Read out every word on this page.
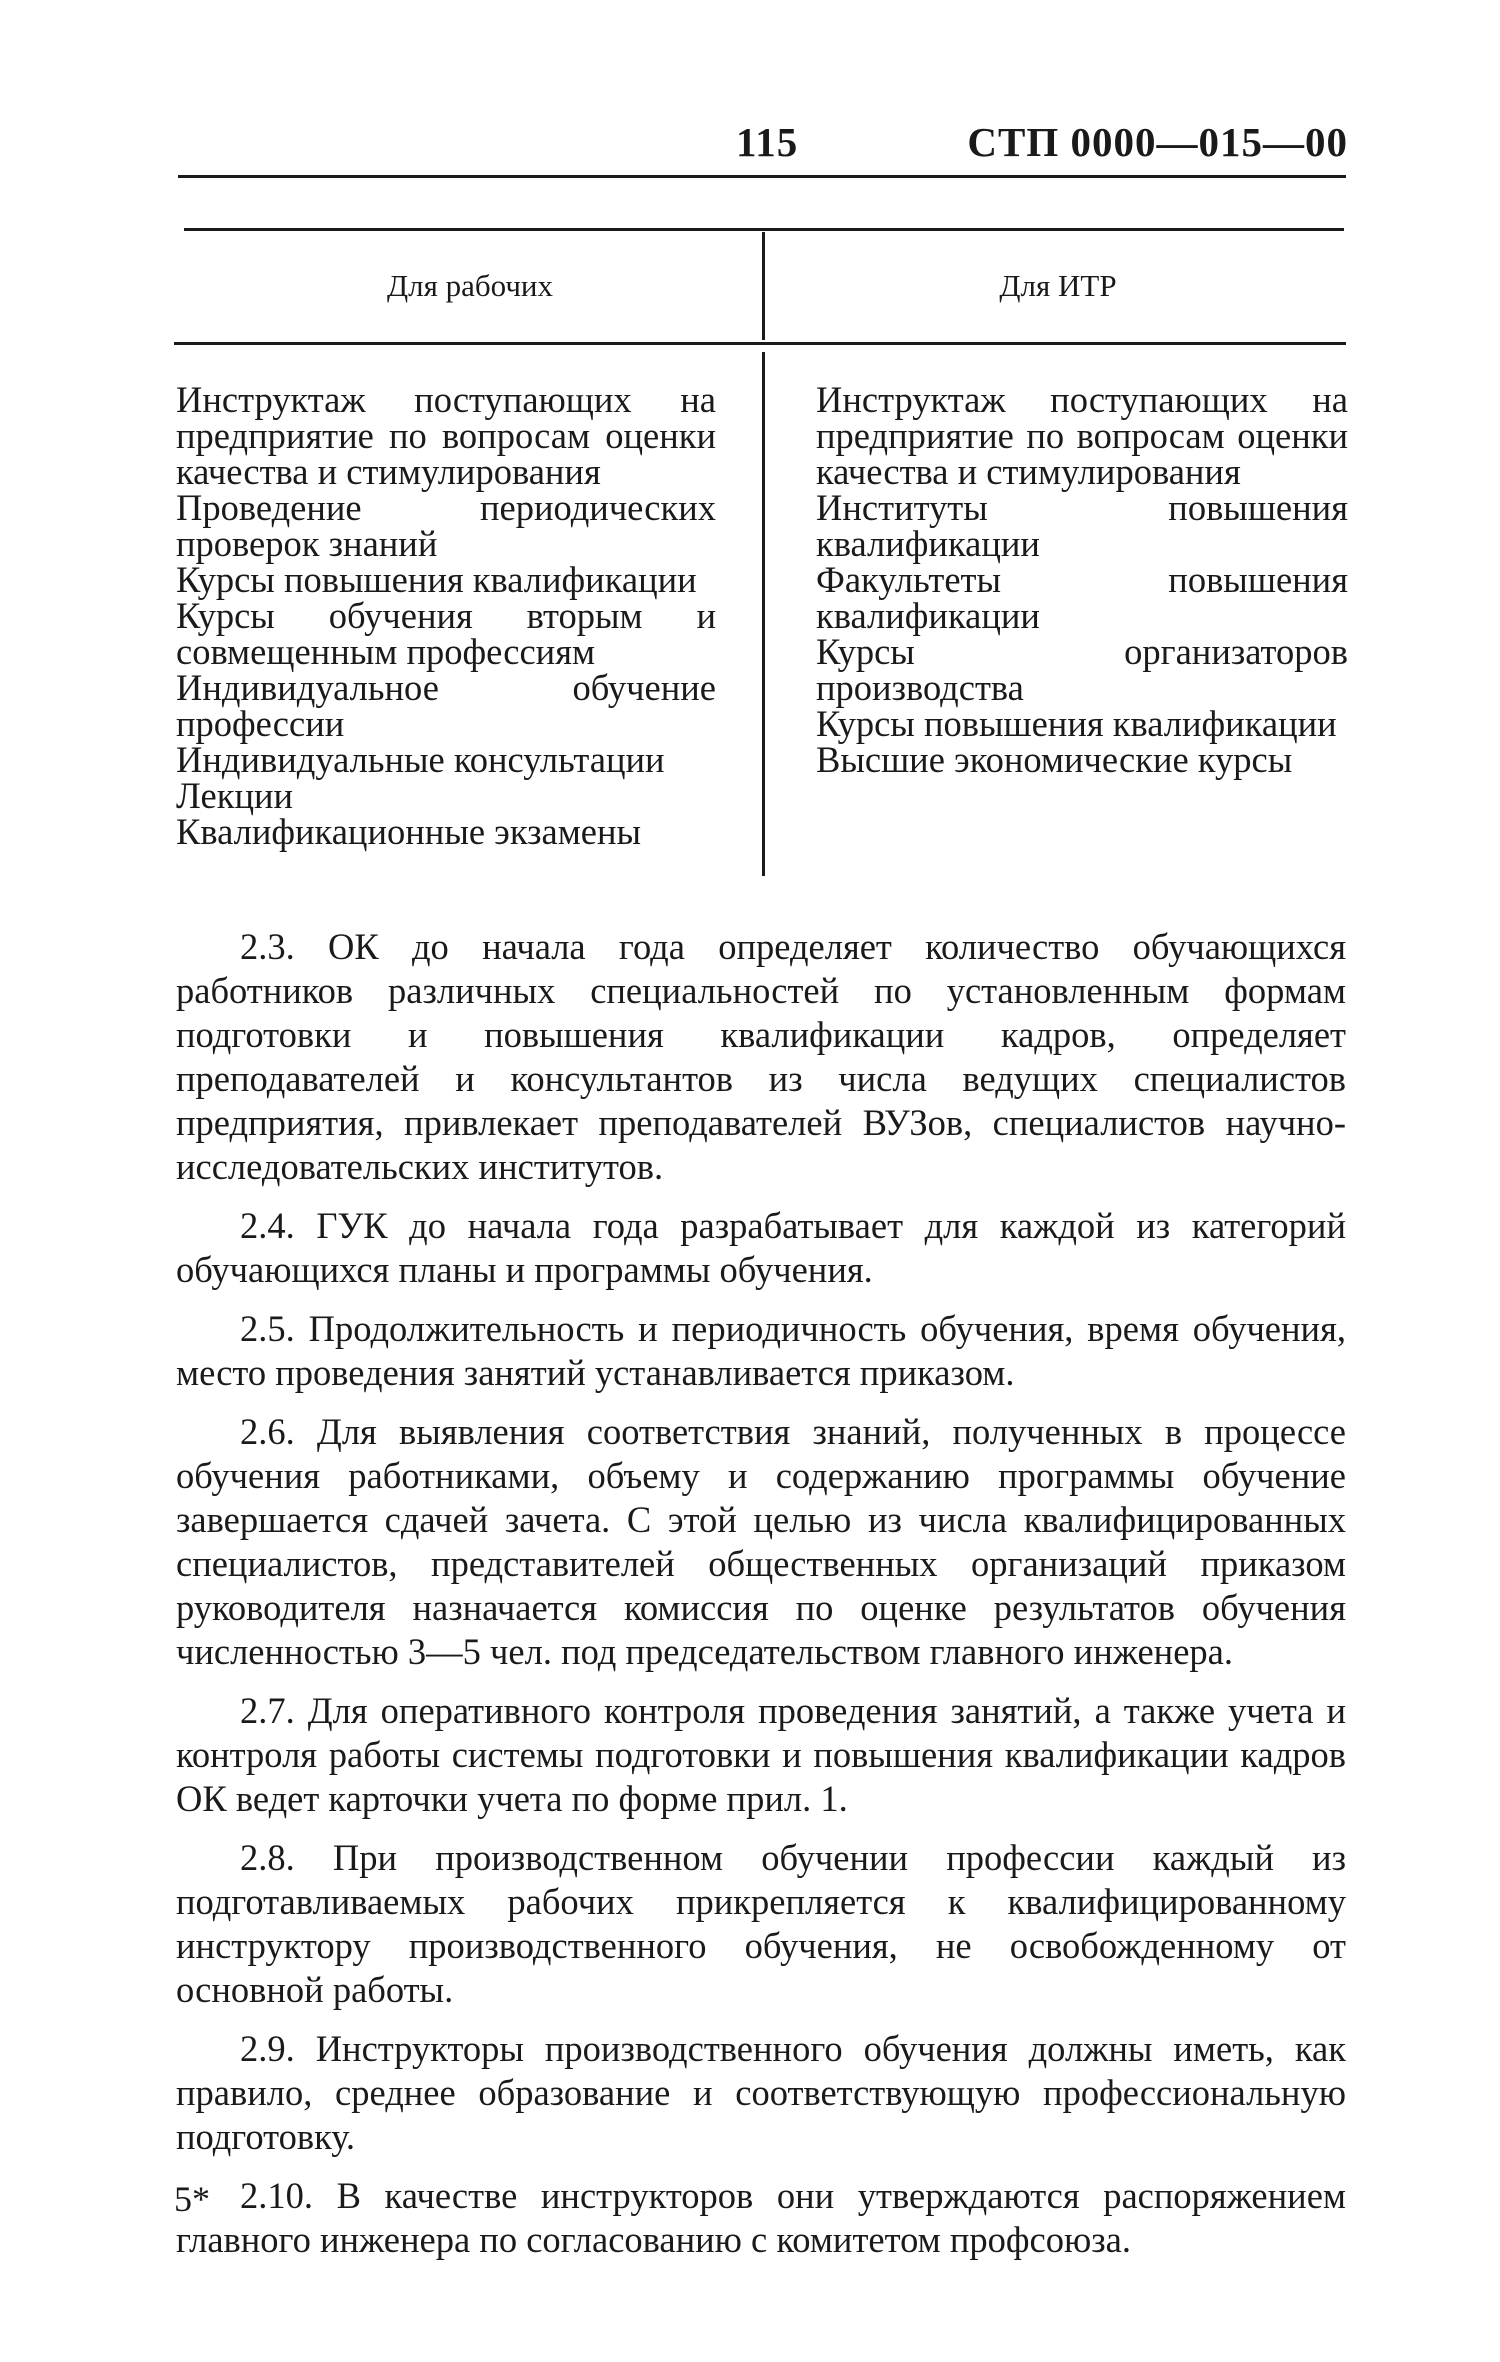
115	СТП 0000—015—00
Для рабочих	Для ИТР
Инструктаж поступающих на предприятие по вопросам оценки качества и стимулирования
Проведение периодических проверок знаний
Курсы повышения квалификации
Курсы обучения вторым и совмещенным профессиям
Индивидуальное обучение профессии
Индивидуальные консультации
Лекции
Квалификационные экзамены
Инструктаж поступающих на предприятие по вопросам оценки качества и стимулирования
Институты повышения квалификации
Факультеты повышения квалификации
Курсы организаторов производства
Курсы повышения квалификации
Высшие экономические курсы

2.3. ОК до начала года определяет количество обучающихся работников различных специальностей по установленным формам подготовки и повышения квалификации кадров, определяет преподавателей и консультантов из числа ведущих специалистов предприятия, привлекает преподавателей ВУЗов, специалистов научно-исследовательских институтов.

2.4. ГУК до начала года разрабатывает для каждой из категорий обучающихся планы и программы обучения.

2.5. Продолжительность и периодичность обучения, время обучения, место проведения занятий устанавливается приказом.

2.6. Для выявления соответствия знаний, полученных в процессе обучения работниками, объему и содержанию программы обучение завершается сдачей зачета. С этой целью из числа квалифицированных специалистов, представителей общественных организаций приказом руководителя назначается комиссия по оценке результатов обучения численностью 3—5 чел. под председательством главного инженера.

2.7. Для оперативного контроля проведения занятий, а также учета и контроля работы системы подготовки и повышения квалификации кадров ОК ведет карточки учета по форме прил. 1.

2.8. При производственном обучении профессии каждый из подготавливаемых рабочих прикрепляется к квалифицированному инструктору производственного обучения, не освобожденному от основной работы.

2.9. Инструкторы производственного обучения должны иметь, как правило, среднее образование и соответствующую профессиональную подготовку.

2.10. В качестве инструкторов они утверждаются распоряжением главного инженера по согласованию с комитетом профсоюза.

5*
